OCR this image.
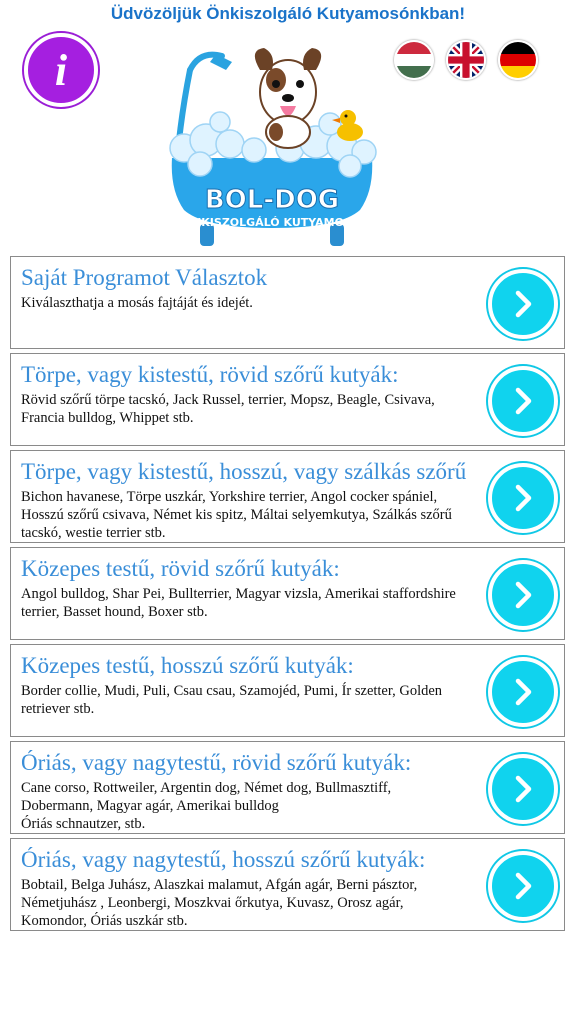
Üdvözöljük Önkiszolgáló Kutyamosónkban!
i
BOL-DOG
ÖNKISZOLGÁLÓ KUTYAMOSÓ
Saját Programot Választok
Kiválaszthatja a mosás fajtáját és idejét.
Törpe, vagy kistestű, rövid szőrű kutyák:
Rövid szőrű törpe tacskó, Jack Russel, terrier, Mopsz, Beagle, Csivava,
Francia bulldog, Whippet stb.
Törpe, vagy kistestű, hosszú, vagy szálkás szőrű
Bichon havanese, Törpe uszkár, Yorkshire terrier, Angol cocker spániel,
Hosszú szőrű csivava, Német kis spitz, Máltai selyemkutya, Szálkás szőrű
tacskó, westie terrier stb.
Közepes testű, rövid szőrű kutyák:
Angol bulldog, Shar Pei, Bullterrier, Magyar vizsla, Amerikai staffordshire
terrier, Basset hound, Boxer stb.
Közepes testű, hosszú szőrű kutyák:
Border collie, Mudi, Puli, Csau csau, Szamojéd, Pumi, Ír szetter, Golden
retriever stb.
Óriás, vagy nagytestű, rövid szőrű kutyák:
Cane corso, Rottweiler, Argentin dog, Német dog, Bullmasztiff,
Dobermann, Magyar agár, Amerikai bulldog
Óriás schnautzer, stb.
Óriás, vagy nagytestű, hosszú szőrű kutyák:
Bobtail, Belga Juhász, Alaszkai malamut, Afgán agár, Berni pásztor,
Németjuhász , Leonbergi, Moszkvai őrkutya, Kuvasz, Orosz agár,
Komondor, Óriás uszkár stb.
